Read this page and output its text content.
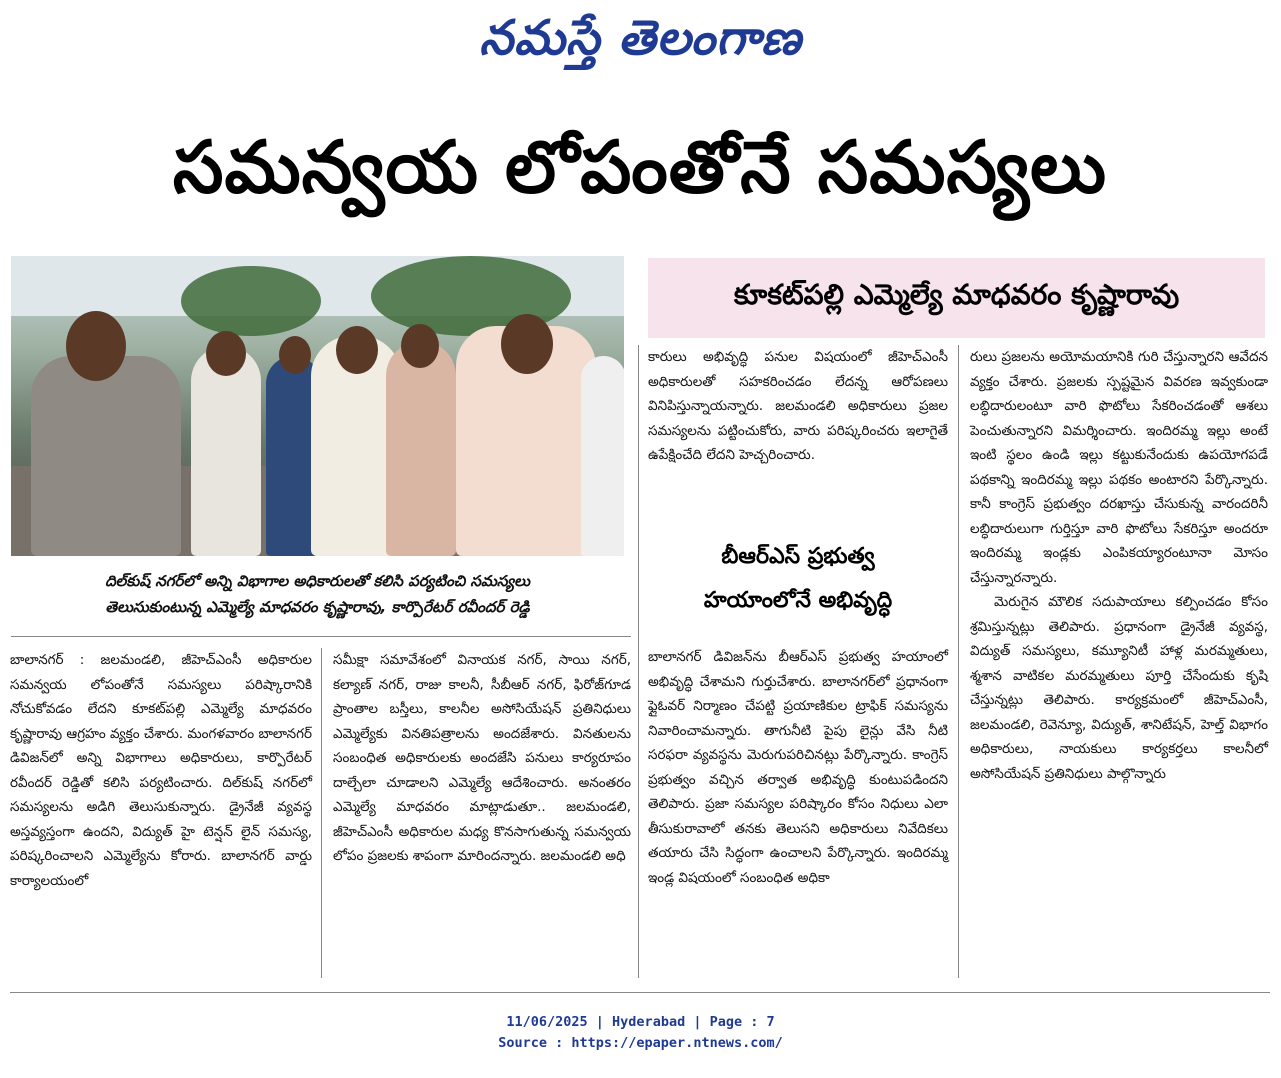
నమస్తే తెలంగాణ
సమన్వయ లోపంతోనే సమస్యలు
దిల్‌కుష్ నగర్‌లో అన్ని విభాగాల అధికారులతో కలిసి పర్యటించి సమస్యలు
తెలుసుకుంటున్న ఎమ్మెల్యే మాధవరం కృష్ణారావు, కార్పొరేటర్ రవీందర్ రెడ్డి
కూకట్‌పల్లి ఎమ్మెల్యే మాధవరం కృష్ణారావు

బాలానగర్ : జలమండలి, జీహెచ్‌ఎంసీ అధికారుల సమన్వయ లోపంతోనే సమస్యలు పరిష్కారానికి నోచుకోవడం లేదని కూకట్‌పల్లి ఎమ్మెల్యే మాధవరం కృష్ణారావు ఆగ్రహం వ్యక్తం చేశారు. మంగళవారం బాలానగర్ డివిజన్‌లో అన్ని విభాగాలు అధికారులు, కార్పొరేటర్ రవీందర్ రెడ్డితో కలిసి పర్యటించారు. దిల్‌కుష్ నగర్‌లో సమస్యలను అడిగి తెలుసుకున్నారు. డ్రైనేజీ వ్యవస్థ అస్తవ్యస్తంగా ఉందని, విద్యుత్ హై టెన్షన్ లైన్ సమస్య, పరిష్కరించాలని ఎమ్మెల్యేను కోరారు. బాలానగర్ వార్డు కార్యాలయంలో

సమీక్షా సమావేశంలో వినాయక నగర్, సాయి నగర్, కల్యాణ్ నగర్, రాజు కాలనీ, సీబీఆర్ నగర్, ఫిరోజ్‌గూడ ప్రాంతాల బస్తీలు, కాలనీల అసోసియేషన్ ప్రతినిధులు ఎమ్మెల్యేకు వినతిపత్రాలను అందజేశారు. వినతులను సంబంధిత అధికారులకు అందజేసి పనులు కార్యరూపం దాల్చేలా చూడాలని ఎమ్మెల్యే ఆదేశించారు. అనంతరం ఎమ్మెల్యే మాధవరం మాట్లాడుతూ.. జలమండలి, జీహెచ్‌ఎంసీ అధికారుల మధ్య కొనసాగుతున్న సమన్వయ లోపం ప్రజలకు శాపంగా మారిందన్నారు. జలమండలి అధి

కారులు అభివృద్ధి పనుల విషయంలో జీహెచ్‌ఎంసీ అధికారులతో సహకరించడం లేదన్న ఆరోపణలు వినిపిస్తున్నాయన్నారు. జలమండలి అధికారులు ప్రజల సమస్యలను పట్టించుకోరు, వారు పరిష్కరించరు ఇలాగైతే ఉపేక్షించేది లేదని హెచ్చరించారు.

బీఆర్‌ఎస్ ప్రభుత్వ
హయాంలోనే అభివృద్ధి

బాలానగర్ డివిజన్‌ను బీఆర్‌ఎస్ ప్రభుత్వ హయాంలో అభివృద్ధి చేశామని గుర్తుచేశారు. బాలానగర్‌లో ప్రధానంగా ఫ్లైఓవర్ నిర్మాణం చేపట్టి ప్రయాణికుల ట్రాఫిక్ సమస్యను నివారించామన్నారు. తాగునీటి పైపు లైన్లు వేసి నీటి సరఫరా వ్యవస్థను మెరుగుపరిచినట్లు పేర్కొన్నారు. కాంగ్రెస్ ప్రభుత్వం వచ్చిన తర్వాత అభివృద్ధి కుంటుపడిందని తెలిపారు. ప్రజా సమస్యల పరిష్కారం కోసం నిధులు ఎలా తీసుకురావాలో తనకు తెలుసని అధికారులు నివేదికలు తయారు చేసి సిద్ధంగా ఉంచాలని పేర్కొన్నారు. ఇందిరమ్మ ఇండ్ల విషయంలో సంబంధిత అధికా

రులు ప్రజలను అయోమయానికి గురి చేస్తున్నారని ఆవేదన వ్యక్తం చేశారు. ప్రజలకు స్పష్టమైన వివరణ ఇవ్వకుండా లబ్ధిదారులంటూ వారి ఫొటోలు సేకరించడంతో ఆశలు పెంచుతున్నారని విమర్శించారు. ఇందిరమ్మ ఇల్లు అంటే ఇంటి స్థలం ఉండి ఇల్లు కట్టుకునేందుకు ఉపయోగపడే పథకాన్ని ఇందిరమ్మ ఇల్లు పథకం అంటారని పేర్కొన్నారు. కానీ కాంగ్రెస్ ప్రభుత్వం దరఖాస్తు చేసుకున్న వారందరినీ లబ్ధిదారులుగా గుర్తిస్తూ వారి ఫొటోలు సేకరిస్తూ అందరూ ఇందిరమ్మ ఇండ్లకు ఎంపికయ్యారంటూనా మోసం చేస్తున్నారన్నారు.

మెరుగైన మౌలిక సదుపాయాలు కల్పించడం కోసం శ్రమిస్తున్నట్లు తెలిపారు. ప్రధానంగా డ్రైనేజీ వ్యవస్థ, విద్యుత్ సమస్యలు, కమ్యూనిటీ హాళ్ల మరమ్మతులు, శ్మశాన వాటికల మరమ్మతులు పూర్తి చేసేందుకు కృషి చేస్తున్నట్లు తెలిపారు. కార్యక్రమంలో జీహెచ్‌ఎంసీ, జలమండలి, రెవెన్యూ, విద్యుత్, శానిటేషన్, హెల్త్ విభాగం అధికారులు, నాయకులు కార్యకర్తలు కాలనీలో అసోసియేషన్ ప్రతినిధులు పాల్గొన్నారు

11/06/2025 | Hyderabad | Page : 7
Source : https://epaper.ntnews.com/
